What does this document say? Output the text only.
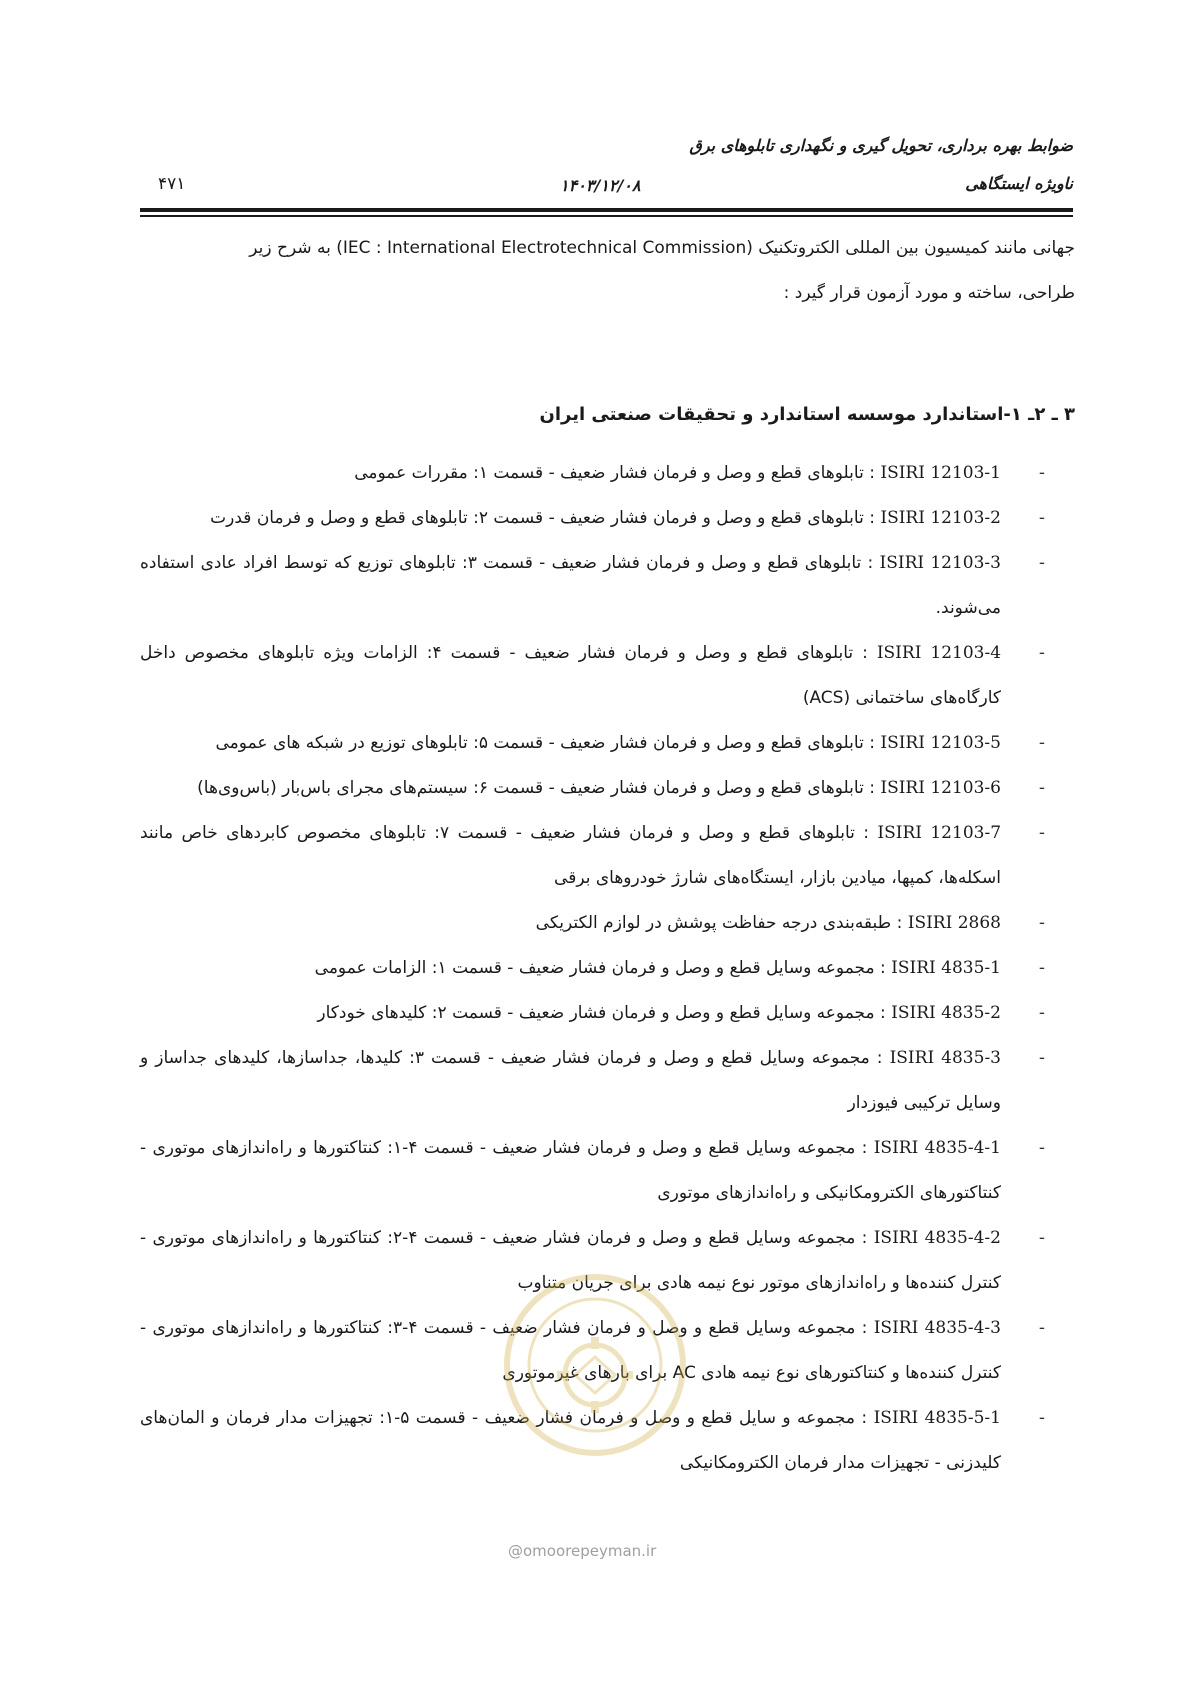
ضوابط بهره برداری، تحویل گیری و نگهداری تابلوهای برق
ناویژه ایستگاهی
۱۴۰۳/۱۲/۰۸
۴۷۱

جهانی مانند کمیسیون بین المللی الکتروتکنیک (IEC : International Electrotechnical Commission) به شرح زیر
طراحی، ساخته و مورد آزمون قرار گیرد :

۳ ـ ۲ـ ۱-استاندارد موسسه استاندارد و تحقیقات صنعتی ایران
-
ISIRI 12103-1 : تابلوهای قطع و وصل و فرمان فشار ضعیف - قسمت ۱: مقررات عمومی
-
ISIRI 12103-2 : تابلوهای قطع و وصل و فرمان فشار ضعیف - قسمت ۲: تابلوهای قطع و وصل و فرمان قدرت
-
ISIRI 12103-3 : تابلوهای قطع و وصل و فرمان فشار ضعیف - قسمت ۳: تابلوهای توزیع که توسط افراد عادی استفاده می‌شوند.
-
ISIRI 12103-4 : تابلوهای قطع و وصل و فرمان فشار ضعیف - قسمت ۴: الزامات ویژه تابلوهای مخصوص داخل کارگاه‌های ساختمانی (ACS)
-
ISIRI 12103-5 : تابلوهای قطع و وصل و فرمان فشار ضعیف - قسمت ۵: تابلوهای توزیع در شبکه های عمومی
-
ISIRI 12103-6 : تابلوهای قطع و وصل و فرمان فشار ضعیف - قسمت ۶: سیستم‌های مجرای باس‌بار (باس‌وی‌ها)
-
ISIRI 12103-7 : تابلوهای قطع و وصل و فرمان فشار ضعیف - قسمت ۷: تابلوهای مخصوص کابردهای خاص مانند اسکله‌ها، کمپها، میادین بازار، ایستگاه‌های شارژ خودروهای برقی
-
ISIRI 2868 : طبقه‌بندی درجه حفاظت پوشش در لوازم الکتریکی
-
ISIRI 4835-1 : مجموعه وسایل قطع و وصل و فرمان فشار ضعیف - قسمت ۱: الزامات عمومی
-
ISIRI 4835-2 : مجموعه وسایل قطع و وصل و فرمان فشار ضعیف - قسمت ۲: کلیدهای خودکار
-
ISIRI 4835-3 : مجموعه وسایل قطع و وصل و فرمان فشار ضعیف - قسمت ۳: کلیدها، جداسازها، کلیدهای جداساز و وسایل ترکیبی فیوزدار
-
ISIRI 4835-4-1 : مجموعه وسایل قطع و وصل و فرمان فشار ضعیف - قسمت ۴-۱: کنتاکتورها و راه‌اندازهای موتوری - کنتاکتورهای الکترومکانیکی و راه‌اندازهای موتوری
-
ISIRI 4835-4-2 : مجموعه وسایل قطع و وصل و فرمان فشار ضعیف - قسمت ۴-۲: کنتاکتورها و راه‌اندازهای موتوری - کنترل کننده‌ها و راه‌اندازهای موتور نوع نیمه هادی برای جریان متناوب
-
ISIRI 4835-4-3 : مجموعه وسایل قطع و وصل و فرمان فشار ضعیف - قسمت ۴-۳: کنتاکتورها و راه‌اندازهای موتوری - کنترل کننده‌ها و کنتاکتورهای نوع نیمه هادی AC برای بارهای غیرموتوری
-
ISIRI 4835-5-1 : مجموعه و سایل قطع و وصل و فرمان فشار ضعیف - قسمت ۵-۱: تجهیزات مدار فرمان و المان‌های کلیدزنی - تجهیزات مدار فرمان الکترومکانیکی
@omoorepeyman.ir
